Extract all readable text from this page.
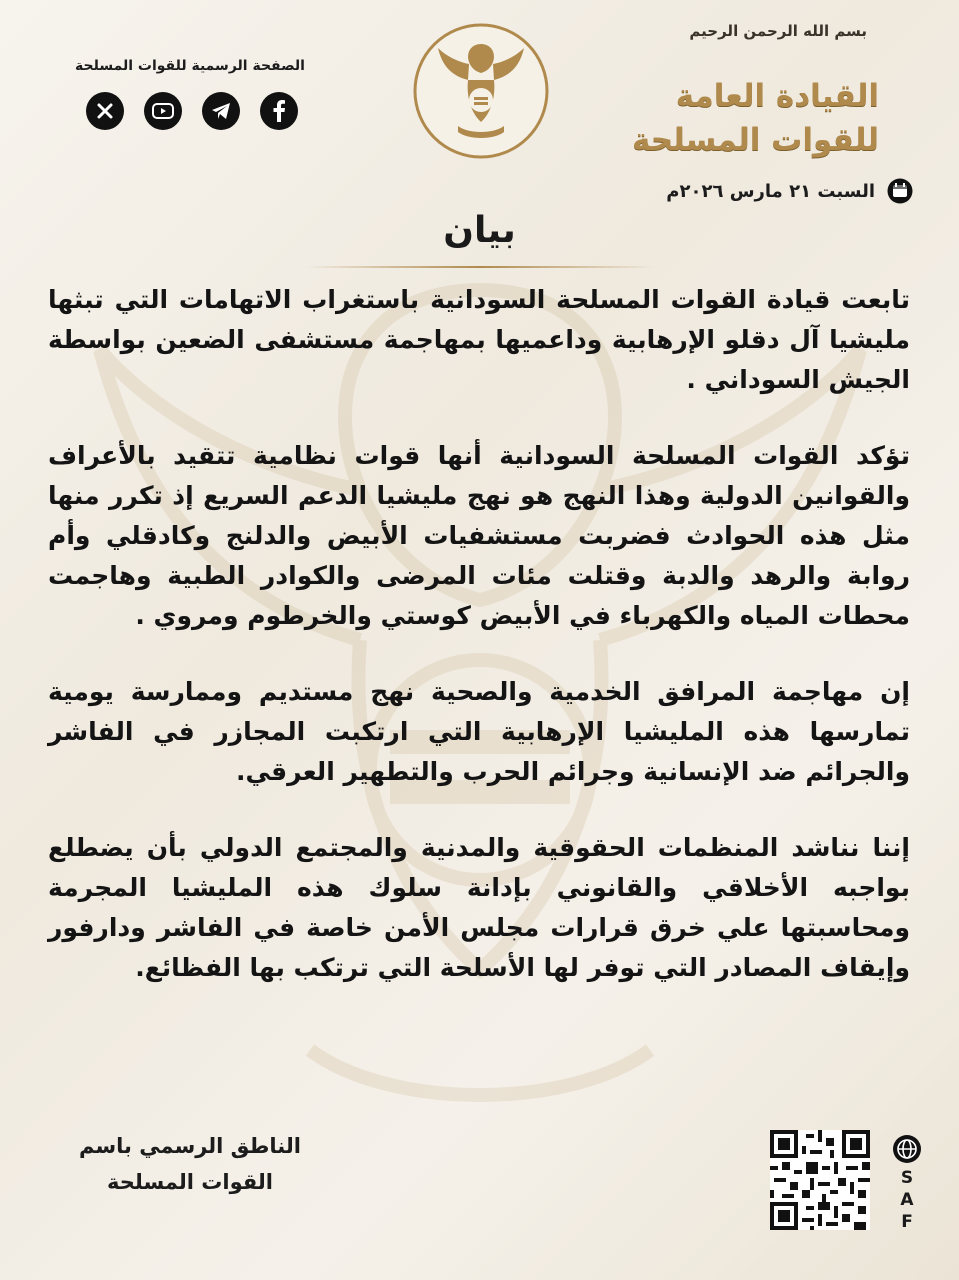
بسم الله الرحمن الرحيم
القيادة العامة
للقوات المسلحة
السبت ٢١ مارس ٢٠٢٦م
الصفحة الرسمية للقوات المسلحة
بيان

تابعت قيادة القوات المسلحة السودانية باستغراب الاتهامات التي تبثها مليشيا آل دقلو الإرهابية وداعميها بمهاجمة مستشفى الضعين بواسطة الجيش السوداني .

تؤكد القوات المسلحة السودانية أنها قوات نظامية تتقيد بالأعراف والقوانين الدولية وهذا النهج هو نهج مليشيا الدعم السريع إذ تكرر منها مثل هذه الحوادث فضربت مستشفيات الأبيض والدلنج وكادقلي وأم روابة والرهد والدبة وقتلت مئات المرضى والكوادر الطبية وهاجمت محطات المياه والكهرباء في الأبيض كوستي والخرطوم ومروي .

إن مهاجمة المرافق الخدمية والصحية نهج مستديم وممارسة يومية تمارسها هذه المليشيا الإرهابية التي ارتكبت المجازر في الفاشر والجرائم ضد الإنسانية وجرائم الحرب والتطهير العرقي.

إننا نناشد المنظمات الحقوقية والمدنية والمجتمع الدولي بأن يضطلع بواجبه الأخلاقي والقانوني بإدانة سلوك هذه المليشيا المجرمة ومحاسبتها علي خرق قرارات مجلس الأمن خاصة في الفاشر ودارفور وإيقاف المصادر التي توفر لها الأسلحة التي ترتكب بها الفظائع.

الناطق الرسمي باسم
القوات المسلحة	SAF
